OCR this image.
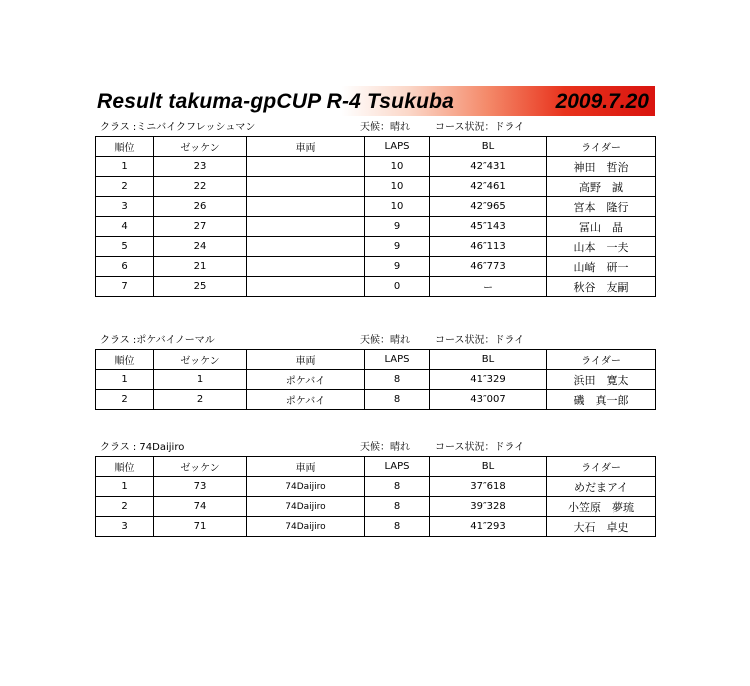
Result takuma-gpCUP R-4 Tsukuba	2009.7.20
クラス :ミニバイクフレッシュマン	天候：晴れ	コース状況：ドライ
順位	ゼッケン	車両	LAPS	BL	ライダー
1	23		10	42″431	神田　哲治
2	22		10	42″461	高野　誠
3	26		10	42″965	宮本　隆行
4	27		9	45″143	冨山　晶
5	24		9	46″113	山本　一夫
6	21		9	46″773	山崎　研一
7	25		0	ー	秋谷　友嗣
クラス :ポケバイノーマル	天候：晴れ	コース状況：ドライ
順位	ゼッケン	車両	LAPS	BL	ライダー
1	1	ポケバイ	8	41″329	浜田　寛太
2	2	ポケバイ	8	43″007	磯　真一郎
クラス : 74Daijiro	天候：晴れ	コース状況：ドライ
順位	ゼッケン	車両	LAPS	BL	ライダー
1	73	74Daijiro	8	37″618	めだまアイ
2	74	74Daijiro	8	39″328	小笠原　夢琉
3	71	74Daijiro	8	41″293	大石　卓史
